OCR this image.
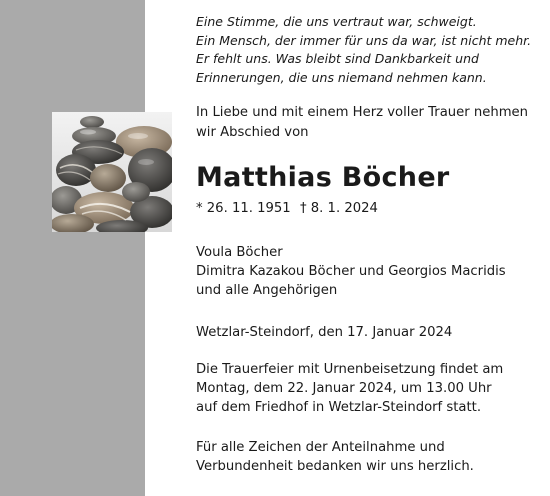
Eine Stimme, die uns vertraut war, schweigt.
Ein Mensch, der immer für uns da war, ist nicht mehr.
Er fehlt uns. Was bleibt sind Dankbarkeit und
Erinnerungen, die uns niemand nehmen kann.

In Liebe und mit einem Herz voller Trauer nehmen
wir Abschied von

Matthias Böcher
* 26. 11. 1951 † 8. 1. 2024

Voula Böcher
Dimitra Kazakou Böcher und Georgios Macridis
und alle Angehörigen

Wetzlar-Steindorf, den 17. Januar 2024

Die Trauerfeier mit Urnenbeisetzung findet am
Montag, dem 22. Januar 2024, um 13.00 Uhr
auf dem Friedhof in Wetzlar-Steindorf statt.

Für alle Zeichen der Anteilnahme und
Verbundenheit bedanken wir uns herzlich.
